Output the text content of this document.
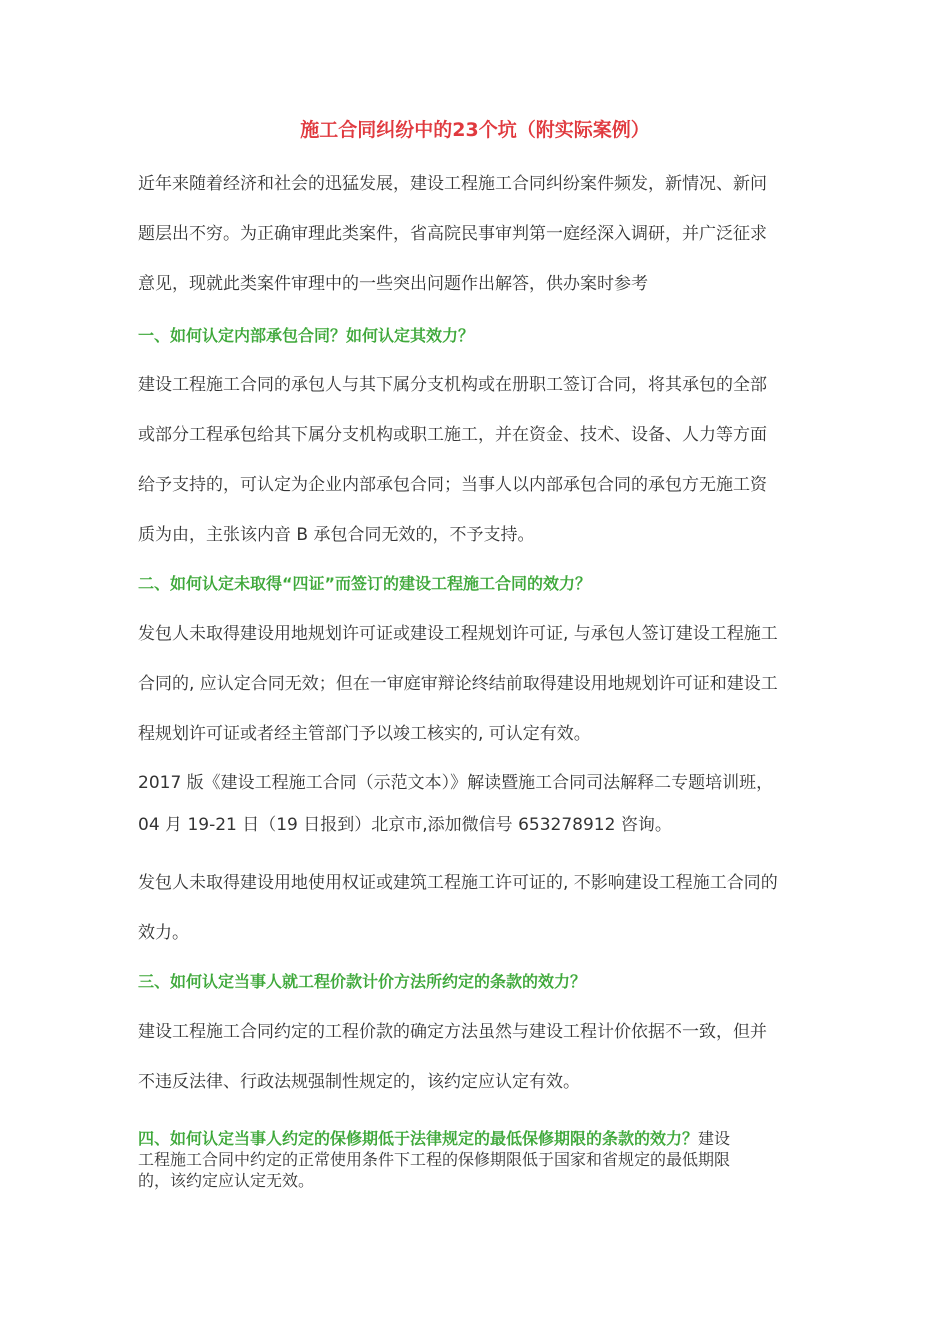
施工合同纠纷中的23个坑（附实际案例）
近年来随着经济和社会的迅猛发展，建设工程施工合同纠纷案件频发，新情况、新问
题层出不穷。为正确审理此类案件，省高院民事审判第一庭经深入调研，并广泛征求
意见，现就此类案件审理中的一些突出问题作出解答，供办案时参考
一、如何认定内部承包合同？如何认定其效力？
建设工程施工合同的承包人与其下属分支机构或在册职工签订合同，将其承包的全部
或部分工程承包给其下属分支机构或职工施工，并在资金、技术、设备、人力等方面
给予支持的，可认定为企业内部承包合同；当事人以内部承包合同的承包方无施工资
质为由，主张该内音 B 承包合同无效的，不予支持。
二、如何认定未取得“四证”而签订的建设工程施工合同的效力？
发包人未取得建设用地规划许可证或建设工程规划许可证, 与承包人签订建设工程施工
合同的, 应认定合同无效；但在一审庭审辩论终结前取得建设用地规划许可证和建设工
程规划许可证或者经主管部门予以竣工核实的, 可认定有效。
2017 版《建设工程施工合同（示范文本）》解读暨施工合同司法解释二专题培训班，
04 月 19-21 日（19 日报到）北京市,添加微信号 653278912 咨询。
发包人未取得建设用地使用权证或建筑工程施工许可证的, 不影响建设工程施工合同的
效力。
三、如何认定当事人就工程价款计价方法所约定的条款的效力？
建设工程施工合同约定的工程价款的确定方法虽然与建设工程计价依据不一致，但并
不违反法律、行政法规强制性规定的，该约定应认定有效。
四、如何认定当事人约定的保修期低于法律规定的最低保修期限的条款的效力？建设
工程施工合同中约定的正常使用条件下工程的保修期限低于国家和省规定的最低期限
的，该约定应认定无效。
